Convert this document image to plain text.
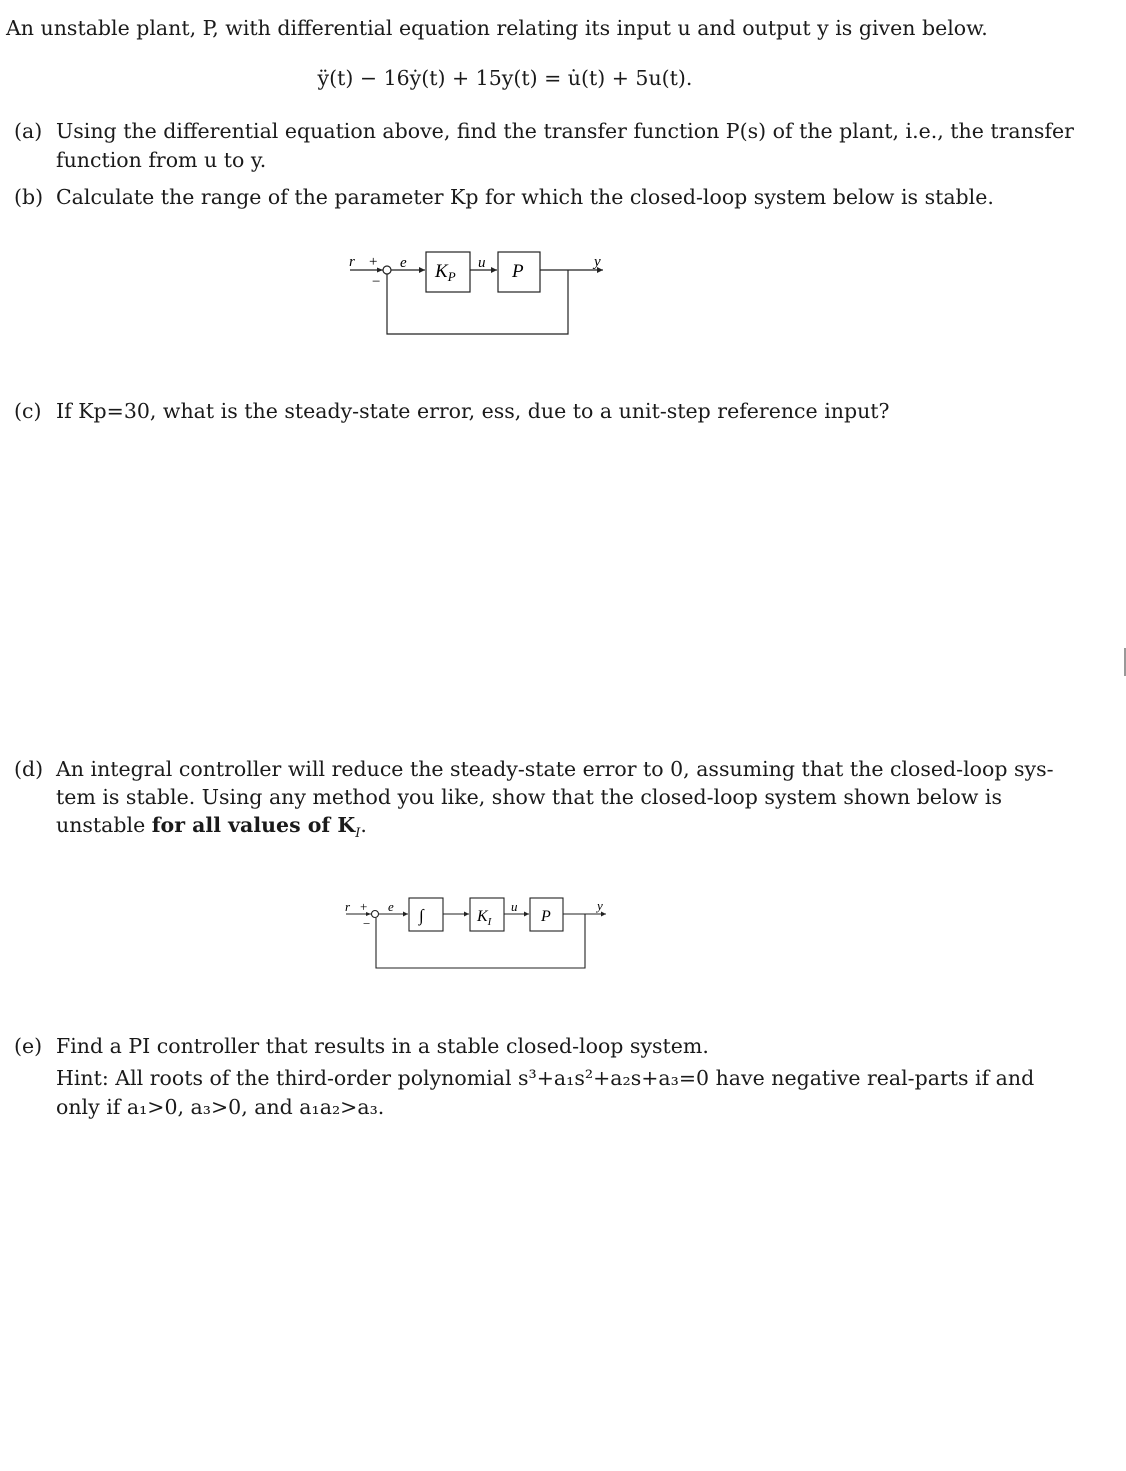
An unstable plant, P, with differential equation relating its input u and output y is given below.
ÿ(t) − 16ẏ(t) + 15y(t) = u̇(t) + 5u(t).
(a) Using the differential equation above, find the transfer function P(s) of the plant, i.e., the transfer
function from u to y.
(b) Calculate the range of the parameter Kp for which the closed-loop system below is stable.
r +
−
e $K_P$
u P	y
(c) If Kp=30, what is the steady-state error, ess, due to a unit-step reference input?
(d) An integral controller will reduce the steady-state error to 0, assuming that the closed-loop sys-
tem is stable. Using any method you like, show that the closed-loop system shown below is
unstable for all values of $K_I$.
r +
−
e ∫	$K_I$
u
P
y
(e) Find a PI controller that results in a stable closed-loop system.
Hint: All roots of the third-order polynomial s³+a₁s²+a₂s+a₃=0 have negative real-parts if and
only if a₁>0, a₃>0, and a₁a₂>a₃.
